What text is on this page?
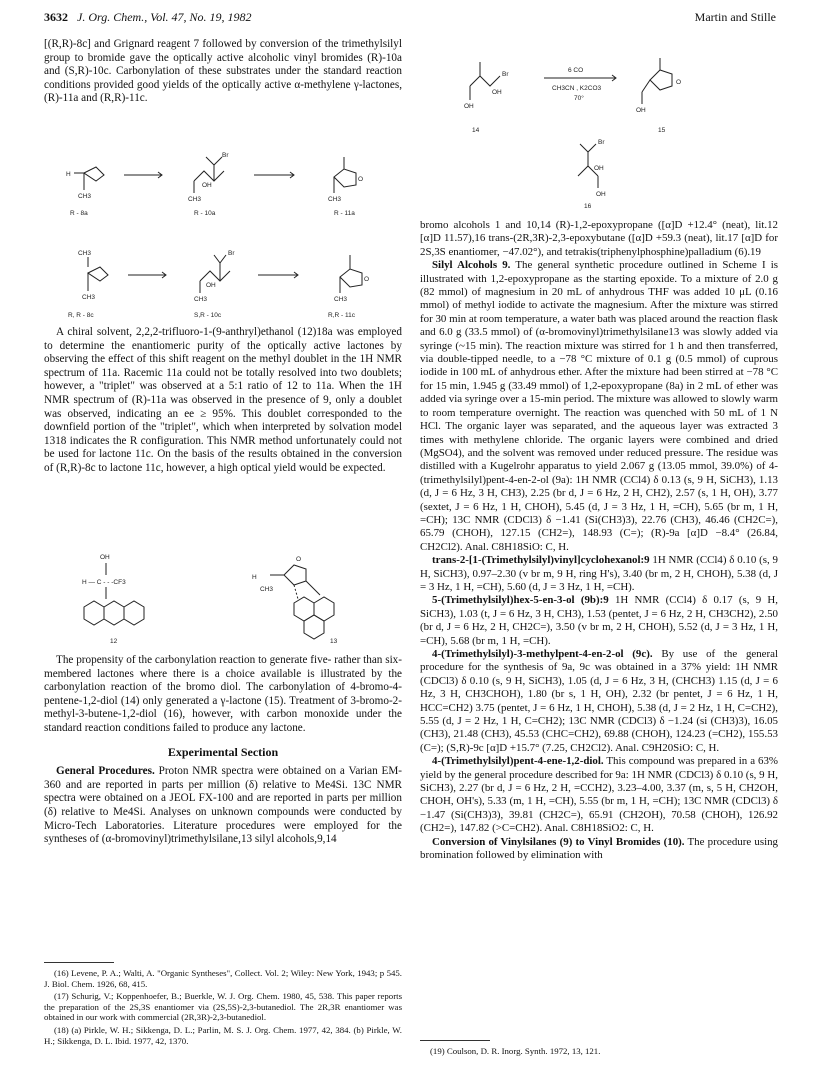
3632 J. Org. Chem., Vol. 47, No. 19, 1982	Martin and Stille

[(R,R)-8c] and Grignard reagent 7 followed by conversion of the trimethylsilyl group to bromide gave the optically active alcoholic vinyl bromides (R)-10a and (S,R)-10c. Carbonylation of these substrates under the standard reaction conditions provided good yields of the optically active α-methylene γ-lactones, (R)-11a and (R,R)-11c.

H
CH3
Br
OH
CH3
O
CH3
CH3
CH3
Br
OH
CH3
O
CH3
R - 8a	R - 10a	R - 11a
R, R - 8c	S,R - 10c	R,R - 11c

A chiral solvent, 2,2,2-trifluoro-1-(9-anthryl)ethanol (12)18a was employed to determine the enantiomeric purity of the optically active lactones by observing the effect of this shift reagent on the methyl doublet in the 1H NMR spectrum of 11a. Racemic 11a could not be totally resolved into two doublets; however, a "triplet" was observed at a 5:1 ratio of 12 to 11a. When the 1H NMR spectrum of (R)-11a was observed in the presence of 9, only a doublet was observed, indicating an ee ≥ 95%. This doublet corresponded to the downfield portion of the "triplet", which when interpreted by solvation model 1318 indicates the R configuration. This NMR method unfortunately could not be used for lactone 11c. On the basis of the results obtained in the conversion of (R,R)-8c to lactone 11c, however, a high optical yield would be expected.

OH
H — C - - -CF3
12
O
H
CH3
13

The propensity of the carbonylation reaction to generate five- rather than six-membered lactones where there is a choice available is illustrated by the carbonylation reaction of the bromo diol. The carbonylation of 4-bromo-4-pentene-1,2-diol (14) only generated a γ-lactone (15). Treatment of 3-bromo-2-methyl-3-butene-1,2-diol (16), however, with carbon monoxide under the standard reaction conditions failed to produce any lactone.

Experimental Section

General Procedures. Proton NMR spectra were obtained on a Varian EM-360 and are reported in parts per million (δ) relative to Me4Si. 13C NMR spectra were obtained on a JEOL FX-100 and are reported in parts per million (δ) relative to Me4Si. Analyses on unknown compounds were conducted by Micro-Tech Laboratories. Literature procedures were employed for the syntheses of (α-bromovinyl)trimethylsilane,13 silyl alcohols,9,14

(16) Levene, P. A.; Walti, A. "Organic Syntheses", Collect. Vol. 2; Wiley: New York, 1943; p 545. J. Biol. Chem. 1926, 68, 415.

(17) Schurig, V.; Koppenhoefer, B.; Buerkle, W. J. Org. Chem. 1980, 45, 538. This paper reports the preparation of the 2S,3S enantiomer via (2S,5S)-2,3-butanediol. The 2R,3R enantiomer was obtained in our work with commercial (2R,3R)-2,3-butanediol.

(18) (a) Pirkle, W. H.; Sikkenga, D. L.; Parlin, M. S. J. Org. Chem. 1977, 42, 384. (b) Pirkle, W. H.; Sikkenga, D. L. Ibid. 1977, 42, 1370.

Br
OH
OH
14
6 CO
CH3CN , K2CO3
70°
O
OH
15
Br
OH
OH
16

bromo alcohols 1 and 10,14 (R)-1,2-epoxypropane ([α]D +12.4° (neat), lit.12 [α]D 11.57),16 trans-(2R,3R)-2,3-epoxybutane ([α]D +59.3 (neat), lit.17 [α]D for 2S,3S enantiomer, −47.02°), and tetrakis(triphenylphosphine)palladium (6).19

Silyl Alcohols 9. The general synthetic procedure outlined in Scheme I is illustrated with 1,2-epoxypropane as the starting epoxide. To a mixture of 2.0 g (82 mmol) of magnesium in 20 mL of anhydrous THF was added 10 μL (0.16 mmol) of methyl iodide to activate the magnesium. After the mixture was stirred for 30 min at room temperature, a water bath was placed around the reaction flask and 6.0 g (33.5 mmol) of (α-bromovinyl)trimethylsilane13 was slowly added via syringe (~15 min). The reaction mixture was stirred for 1 h and then transferred, via double-tipped needle, to a −78 °C mixture of 0.1 g (0.5 mmol) of cuprous iodide in 100 mL of anhydrous ether. After the mixture had been stirred at −78 °C for 15 min, 1.945 g (33.49 mmol) of 1,2-epoxypropane (8a) in 2 mL of ether was added via syringe over a 15-min period. The mixture was allowed to slowly warm to room temperature overnight. The reaction was quenched with 50 mL of 1 N HCl. The organic layer was separated, and the aqueous layer was extracted 3 times with methylene chloride. The organic layers were combined and dried (MgSO4), and the solvent was removed under reduced pressure. The residue was distilled with a Kugelrohr apparatus to yield 2.067 g (13.05 mmol, 39.0%) of 4-(trimethylsilyl)pent-4-en-2-ol (9a): 1H NMR (CCl4) δ 0.13 (s, 9 H, SiCH3), 1.13 (d, J = 6 Hz, 3 H, CH3), 2.25 (br d, J = 6 Hz, 2 H, CH2), 2.57 (s, 1 H, OH), 3.77 (sextet, J = 6 Hz, 1 H, CHOH), 5.45 (d, J = 3 Hz, 1 H, =CH), 5.65 (br m, 1 H, =CH); 13C NMR (CDCl3) δ −1.41 (Si(CH3)3), 22.76 (CH3), 46.46 (CH2C=), 65.79 (CHOH), 127.15 (CH2=), 148.93 (C=); (R)-9a [α]D −8.4° (26.84, CH2Cl2). Anal. C8H18SiO: C, H.

trans-2-[1-(Trimethylsilyl)vinyl]cyclohexanol:9 1H NMR (CCl4) δ 0.10 (s, 9 H, SiCH3), 0.97–2.30 (v br m, 9 H, ring H's), 3.40 (br m, 2 H, CHOH), 5.38 (d, J = 3 Hz, 1 H, =CH), 5.60 (d, J = 3 Hz, 1 H, =CH).

5-(Trimethylsilyl)hex-5-en-3-ol (9b):9 1H NMR (CCl4) δ 0.17 (s, 9 H, SiCH3), 1.03 (t, J = 6 Hz, 3 H, CH3), 1.53 (pentet, J = 6 Hz, 2 H, CH3CH2), 2.50 (br d, J = 6 Hz, 2 H, CH2C=), 3.50 (v br m, 2 H, CHOH), 5.52 (d, J = 3 Hz, 1 H, =CH), 5.68 (br m, 1 H, =CH).

4-(Trimethylsilyl)-3-methylpent-4-en-2-ol (9c). By use of the general procedure for the synthesis of 9a, 9c was obtained in a 37% yield: 1H NMR (CDCl3) δ 0.10 (s, 9 H, SiCH3), 1.05 (d, J = 6 Hz, 3 H, (CHCH3) 1.15 (d, J = 6 Hz, 3 H, CH3CHOH), 1.80 (br s, 1 H, OH), 2.32 (br pentet, J = 6 Hz, 1 H, HCC=CH2) 3.75 (pentet, J = 6 Hz, 1 H, CHOH), 5.38 (d, J = 2 Hz, 1 H, C=CH2), 5.55 (d, J = 2 Hz, 1 H, C=CH2); 13C NMR (CDCl3) δ −1.24 (si (CH3)3), 16.05 (CH3), 21.48 (CH3), 45.53 (CHC=CH2), 69.88 (CHOH), 124.23 (=CH2), 155.53 (C=); (S,R)-9c [α]D +15.7° (7.25, CH2Cl2). Anal. C9H20SiO: C, H.

4-(Trimethylsilyl)pent-4-ene-1,2-diol. This compound was prepared in a 63% yield by the general procedure described for 9a: 1H NMR (CDCl3) δ 0.10 (s, 9 H, SiCH3), 2.27 (br d, J = 6 Hz, 2 H, =CCH2), 3.23–4.00, 3.37 (m, s, 5 H, CH2OH, CHOH, OH's), 5.33 (m, 1 H, =CH), 5.55 (br m, 1 H, =CH); 13C NMR (CDCl3) δ −1.47 (Si(CH3)3), 39.81 (CH2C=), 65.91 (CH2OH), 70.58 (CHOH), 126.92 (CH2=), 147.82 (>C=CH2). Anal. C8H18SiO2: C, H.

Conversion of Vinylsilanes (9) to Vinyl Bromides (10). The procedure using bromination followed by elimination with

(19) Coulson, D. R. Inorg. Synth. 1972, 13, 121.
